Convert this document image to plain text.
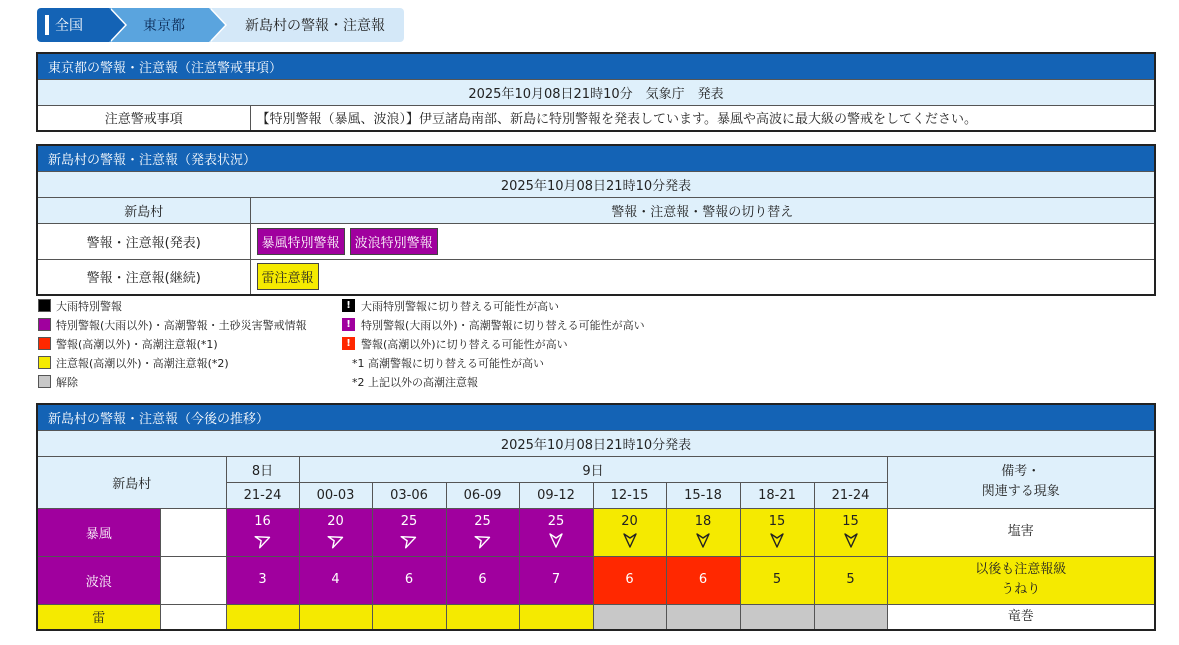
全国	東京都	新島村の警報・注意報
東京都の警報・注意報（注意警戒事項）
2025年10月08日21時10分　気象庁　発表
注意警戒事項	【特別警報（暴風、波浪）】伊豆諸島南部、新島に特別警報を発表しています。暴風や高波に最大級の警戒をしてください。
新島村の警報・注意報（発表状況）	
2025年10月08日21時10分発表	
新島村	警報・注意報・警報の切り替え
警報・注意報(発表)	暴風特別警報 波浪特別警報
警報・注意報(継続)	雷注意報
大雨特別警報
特別警報(大雨以外)・高潮警報・土砂災害警戒情報
警報(高潮以外)・高潮注意報(*1)
注意報(高潮以外)・高潮注意報(*2)
解除
! 大雨特別警報に切り替える可能性が高い
! 特別警報(大雨以外)・高潮警報に切り替える可能性が高い
! 警報(高潮以外)に切り替える可能性が高い
*1 高潮警報に切り替える可能性が高い
*2 上記以外の高潮注意報
新島村の警報・注意報（今後の推移）											
2025年10月08日21時10分発表											
新島村		8日	9日								備考・
関連する現象
		21-24	00-03	03-06	06-09	09-12	12-15	15-18	18-21	21-24	
暴風		16	20	25	25	25	20	18	15	15	塩害
波浪		3	4	6	6	7	6	6	5	5	以後も注意報級
うねり
雷											竜巻
